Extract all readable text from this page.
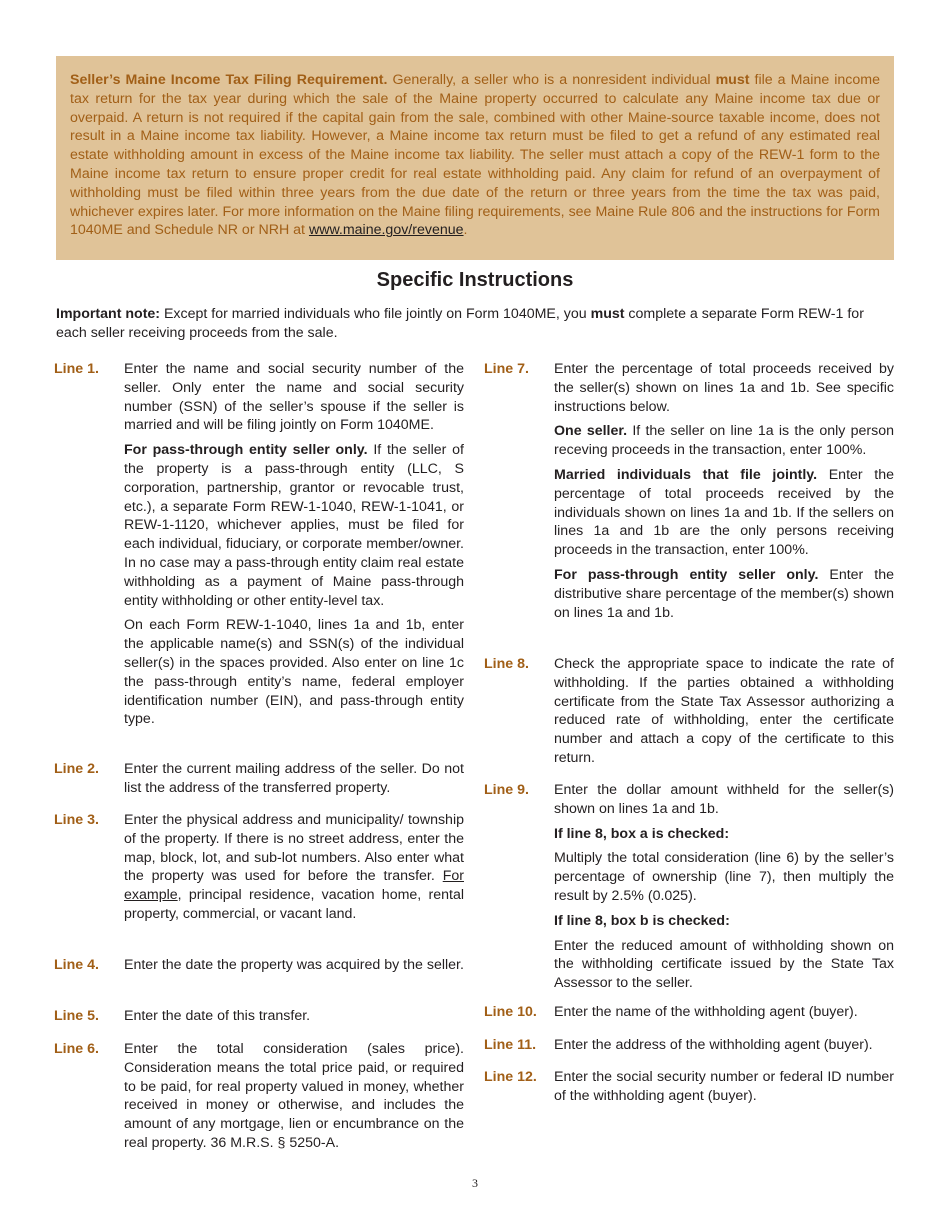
Seller’s Maine Income Tax Filing Requirement. Generally, a seller who is a nonresident individual must file a Maine income tax return for the tax year during which the sale of the Maine property occurred to calculate any Maine income tax due or overpaid. A return is not required if the capital gain from the sale, combined with other Maine-source taxable income, does not result in a Maine income tax liability. However, a Maine income tax return must be filed to get a refund of any estimated real estate withholding amount in excess of the Maine income tax liability. The seller must attach a copy of the REW-1 form to the Maine income tax return to ensure proper credit for real estate withholding paid. Any claim for refund of an overpayment of withholding must be filed within three years from the due date of the return or three years from the time the tax was paid, whichever expires later. For more information on the Maine filing requirements, see Maine Rule 806 and the instructions for Form 1040ME and Schedule NR or NRH at www.maine.gov/revenue.
Specific Instructions

Important note: Except for married individuals who file jointly on Form 1040ME, you must complete a separate Form REW-1 for each seller receiving proceeds from the sale.

Line 1. Enter the name and social security number of the seller. Only enter the name and social security number (SSN) of the seller’s spouse if the seller is married and will be filing jointly on Form 1040ME.

For pass-through entity seller only. If the seller of the property is a pass-through entity (LLC, S corporation, partnership, grantor or revocable trust, etc.), a separate Form REW-1-1040, REW-1-1041, or REW-1-1120, whichever applies, must be filed for each individual, fiduciary, or corporate member/owner. In no case may a pass-through entity claim real estate withholding as a payment of Maine pass-through entity withholding or other entity-level tax.

On each Form REW-1-1040, lines 1a and 1b, enter the applicable name(s) and SSN(s) of the individual seller(s) in the spaces provided. Also enter on line 1c the pass-through entity’s name, federal employer identification number (EIN), and pass-through entity type.

Line 2. Enter the current mailing address of the seller. Do not list the address of the transferred property.

Line 3. Enter the physical address and municipality/ township of the property. If there is no street address, enter the map, block, lot, and sub-lot numbers. Also enter what the property was used for before the transfer. For example, principal residence, vacation home, rental property, commercial, or vacant land.

Line 4. Enter the date the property was acquired by the seller.

Line 5. Enter the date of this transfer.

Line 6. Enter the total consideration (sales price). Consideration means the total price paid, or required to be paid, for real property valued in money, whether received in money or otherwise, and includes the amount of any mortgage, lien or encumbrance on the real property. 36 M.R.S. § 5250-A.

Line 7. Enter the percentage of total proceeds received by the seller(s) shown on lines 1a and 1b. See specific instructions below.

One seller. If the seller on line 1a is the only person receving proceeds in the transaction, enter 100%.

Married individuals that file jointly. Enter the percentage of total proceeds received by the individuals shown on lines 1a and 1b. If the sellers on lines 1a and 1b are the only persons receiving proceeds in the transaction, enter 100%.

For pass-through entity seller only. Enter the distributive share percentage of the member(s) shown on lines 1a and 1b.

Line 8. Check the appropriate space to indicate the rate of withholding. If the parties obtained a withholding certificate from the State Tax Assessor authorizing a reduced rate of withholding, enter the certificate number and attach a copy of the certificate to this return.

Line 9. Enter the dollar amount withheld for the seller(s) shown on lines 1a and 1b.

If line 8, box a is checked:

Multiply the total consideration (line 6) by the seller’s percentage of ownership (line 7), then multiply the result by 2.5% (0.025).

If line 8, box b is checked:

Enter the reduced amount of withholding shown on the withholding certificate issued by the State Tax Assessor to the seller.

Line 10. Enter the name of the withholding agent (buyer).

Line 11. Enter the address of the withholding agent (buyer).

Line 12. Enter the social security number or federal ID number of the withholding agent (buyer).

3
